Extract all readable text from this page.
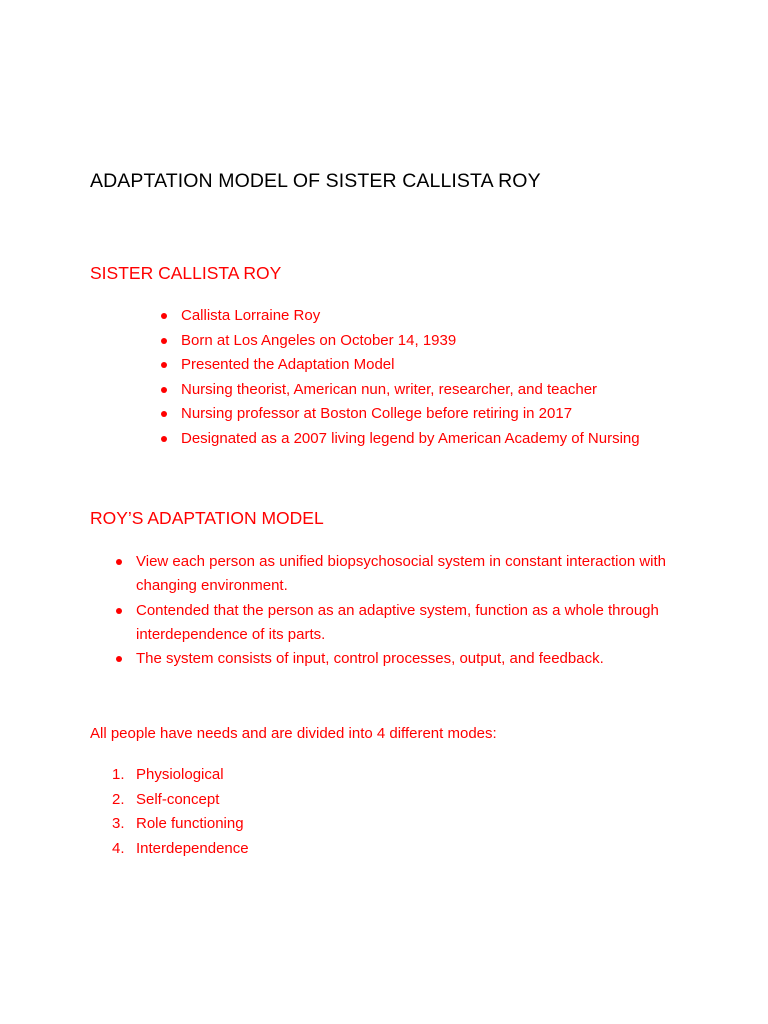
ADAPTATION MODEL OF SISTER CALLISTA ROY
SISTER CALLISTA ROY
Callista Lorraine Roy
Born at Los Angeles on October 14, 1939
Presented the Adaptation Model
Nursing theorist, American nun, writer, researcher, and teacher
Nursing professor at Boston College before retiring in 2017
Designated as a 2007 living legend by American Academy of Nursing
ROY’S ADAPTATION MODEL
View each person as unified biopsychosocial system in constant interaction with changing environment.
Contended that the person as an adaptive system, function as a whole through interdependence of its parts.
The system consists of input, control processes, output, and feedback.

All people have needs and are divided into 4 different modes:

1. Physiological
2. Self-concept
3. Role functioning
4. Interdependence
